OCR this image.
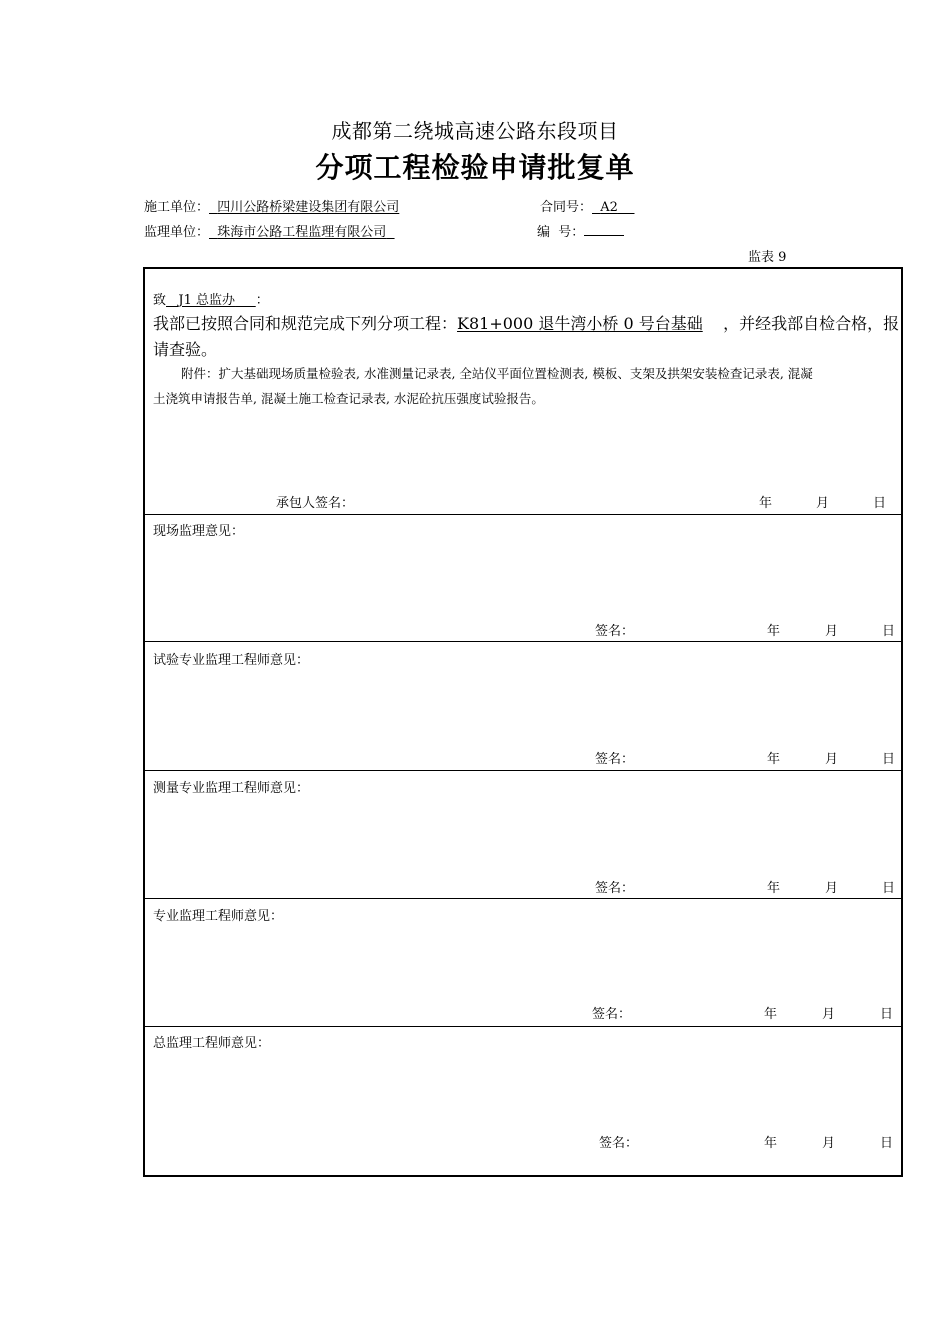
成都第二绕城高速公路东段项目
分项工程检验申请批复单
施工单位： 四川公路桥梁建设集团有限公司	合同号： A2
监理单位： 珠海市公路工程监理有限公司	编  号：
监表 9
致 J1 总监办 ：
我部已按照合同和规范完成下列分项工程：K81+000 退牛湾小桥 0 号台基础 ，并经我部自检合格，报
请查验。
附件：扩大基础现场质量检验表, 水准测量记录表, 全站仪平面位置检测表, 模板、支架及拱架安装检查记录表, 混凝
土浇筑申请报告单, 混凝土施工检查记录表, 水泥砼抗压强度试验报告。
承包人签名：	年	月	日
现场监理意见：
签名：	年	月	日
试验专业监理工程师意见：
签名：	年	月	日
测量专业监理工程师意见：
签名：	年	月	日
专业监理工程师意见：
签名：	年	月	日
总监理工程师意见：
签名：	年	月	日
